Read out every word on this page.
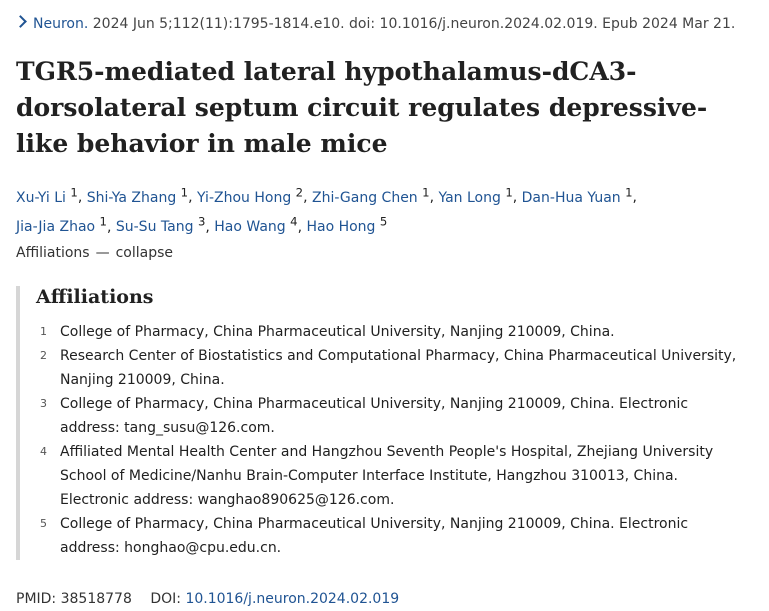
Neuron. 2024 Jun 5;112(11):1795-1814.e10. doi: 10.1016/j.neuron.2024.02.019. Epub 2024 Mar 21.
TGR5-mediated lateral hypothalamus-dCA3-dorsolateral septum circuit regulates depressive-like behavior in male mice
Xu-Yi Li $^1$, Shi-Ya Zhang $^1$, Yi-Zhou Hong $^2$, Zhi-Gang Chen $^1$, Yan Long $^1$, Dan-Hua Yuan $^1$,
Jia-Jia Zhao $^1$, Su-Su Tang $^3$, Hao Wang $^4$, Hao Hong $^5$
Affiliations — collapse
Affiliations
1 College of Pharmacy, China Pharmaceutical University, Nanjing 210009, China.
2 Research Center of Biostatistics and Computational Pharmacy, China Pharmaceutical University, Nanjing 210009, China.
3 College of Pharmacy, China Pharmaceutical University, Nanjing 210009, China. Electronic address: tang_susu@126.com.
4 Affiliated Mental Health Center and Hangzhou Seventh People's Hospital, Zhejiang University School of Medicine/Nanhu Brain-Computer Interface Institute, Hangzhou 310013, China. Electronic address: wanghao890625@126.com.
5 College of Pharmacy, China Pharmaceutical University, Nanjing 210009, China. Electronic address: honghao@cpu.edu.cn.
PMID: 38518778 DOI: 10.1016/j.neuron.2024.02.019
